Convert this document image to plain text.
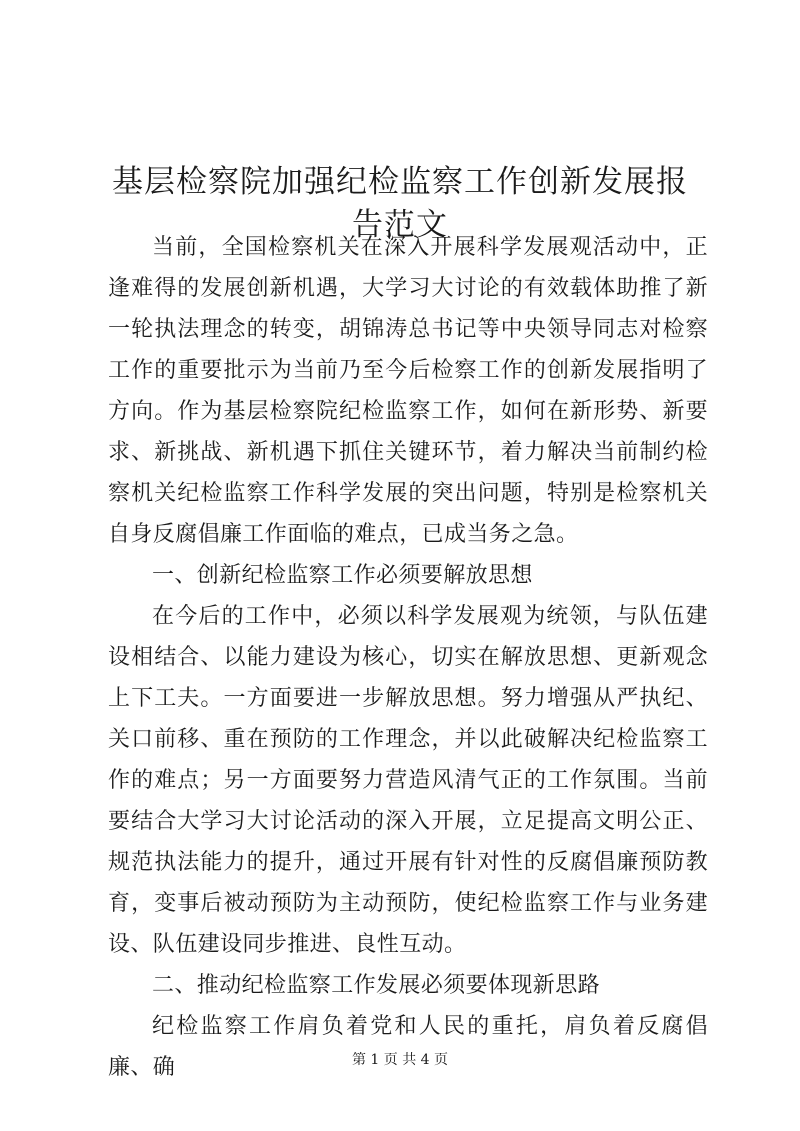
基层检察院加强纪检监察工作创新发展报告范文

当前，全国检察机关在深入开展科学发展观活动中，正逢难得的发展创新机遇，大学习大讨论的有效载体助推了新一轮执法理念的转变，胡锦涛总书记等中央领导同志对检察工作的重要批示为当前乃至今后检察工作的创新发展指明了方向。作为基层检察院纪检监察工作，如何在新形势、新要求、新挑战、新机遇下抓住关键环节，着力解决当前制约检察机关纪检监察工作科学发展的突出问题，特别是检察机关自身反腐倡廉工作面临的难点，已成当务之急。

一、创新纪检监察工作必须要解放思想

在今后的工作中，必须以科学发展观为统领，与队伍建设相结合、以能力建设为核心，切实在解放思想、更新观念上下工夫。一方面要进一步解放思想。努力增强从严执纪、关口前移、重在预防的工作理念，并以此破解决纪检监察工作的难点；另一方面要努力营造风清气正的工作氛围。当前要结合大学习大讨论活动的深入开展，立足提高文明公正、规范执法能力的提升，通过开展有针对性的反腐倡廉预防教育，变事后被动预防为主动预防，使纪检监察工作与业务建设、队伍建设同步推进、良性互动。

二、推动纪检监察工作发展必须要体现新思路

纪检监察工作肩负着党和人民的重托，肩负着反腐倡廉、确	第 1 页 共 4 页
